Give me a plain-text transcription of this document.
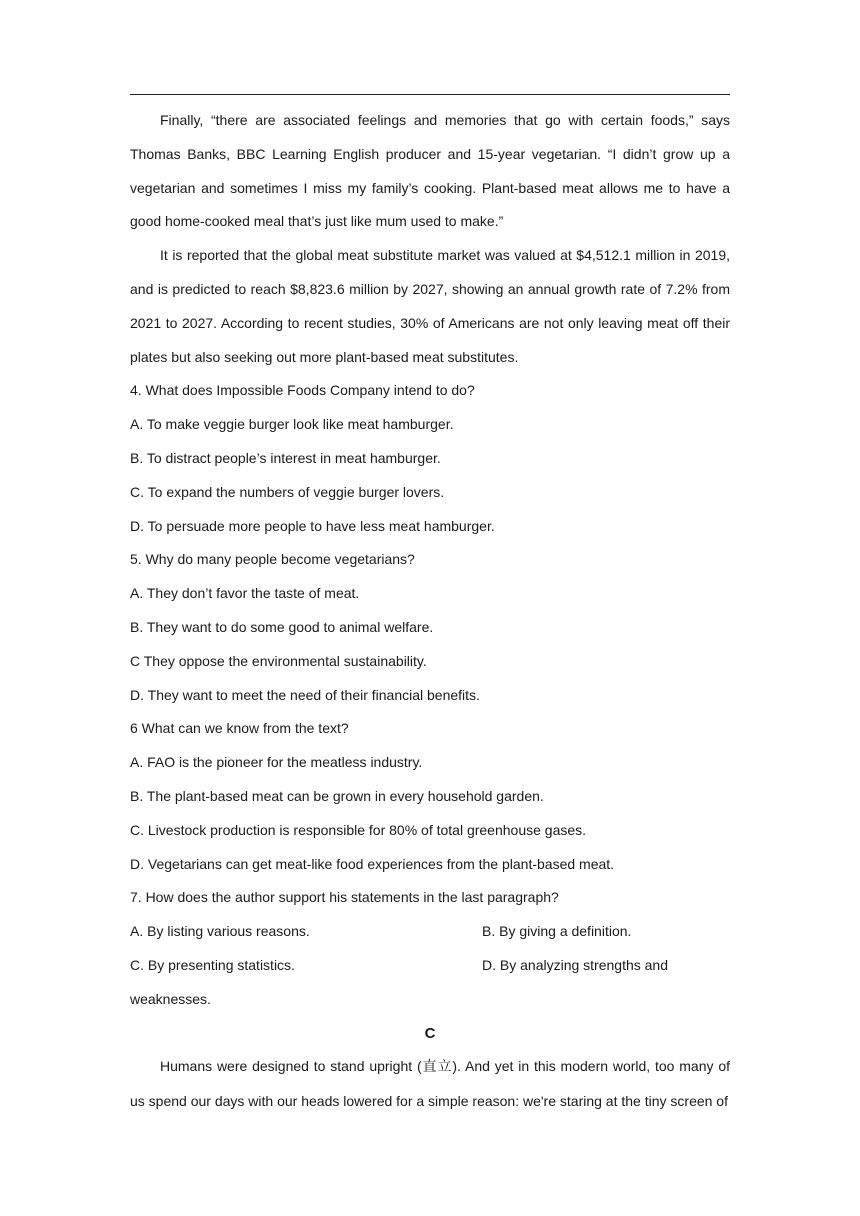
Finally, “there are associated feelings and memories that go with certain foods,” says Thomas Banks, BBC Learning English producer and 15-year vegetarian. “I didn’t grow up a vegetarian and sometimes I miss my family’s cooking. Plant-based meat allows me to have a good home-cooked meal that’s just like mum used to make.”
It is reported that the global meat substitute market was valued at $4,512.1 million in 2019, and is predicted to reach $8,823.6 million by 2027, showing an annual growth rate of 7.2% from 2021 to 2027. According to recent studies, 30% of Americans are not only leaving meat off their plates but also seeking out more plant-based meat substitutes.
4. What does Impossible Foods Company intend to do?
A. To make veggie burger look like meat hamburger.
B. To distract people’s interest in meat hamburger.
C. To expand the numbers of veggie burger lovers.
D. To persuade more people to have less meat hamburger.
5. Why do many people become vegetarians?
A. They don’t favor the taste of meat.
B. They want to do some good to animal welfare.
C They oppose the environmental sustainability.
D. They want to meet the need of their financial benefits.
6 What can we know from the text?
A. FAO is the pioneer for the meatless industry.
B. The plant-based meat can be grown in every household garden.
C. Livestock production is responsible for 80% of total greenhouse gases.
D. Vegetarians can get meat-like food experiences from the plant-based meat.
7. How does the author support his statements in the last paragraph?
A. By listing various reasons.	B. By giving a definition.
C. By presenting statistics.	D. By analyzing strengths and
weaknesses.
C
Humans were designed to stand upright (直立). And yet in this modern world, too many of us spend our days with our heads lowered for a simple reason: we're staring at the tiny screen of
